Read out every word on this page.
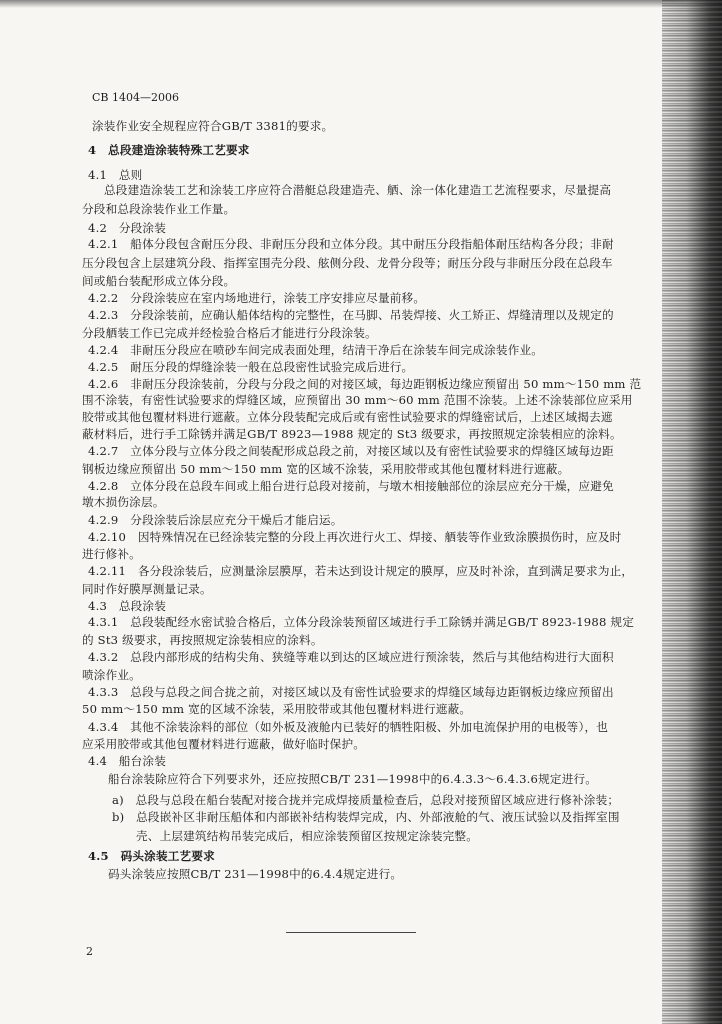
CB 1404—2006
涂装作业安全规程应符合GB/T 3381的要求。
4　总段建造涂装特殊工艺要求
4.1　总则
总段建造涂装工艺和涂装工序应符合潜艇总段建造壳、舾、涂一体化建造工艺流程要求，尽量提高
分段和总段涂装作业工作量。
4.2　分段涂装
4.2.1　船体分段包含耐压分段、非耐压分段和立体分段。其中耐压分段指船体耐压结构各分段；非耐
压分段包含上层建筑分段、指挥室围壳分段、舷侧分段、龙骨分段等；耐压分段与非耐压分段在总段车
间或船台装配形成立体分段。
4.2.2　分段涂装应在室内场地进行，涂装工序安排应尽量前移。
4.2.3　分段涂装前，应确认船体结构的完整性，在马脚、吊装焊接、火工矫正、焊缝清理以及规定的
分段舾装工作已完成并经检验合格后才能进行分段涂装。
4.2.4　非耐压分段应在喷砂车间完成表面处理，结清干净后在涂装车间完成涂装作业。
4.2.5　耐压分段的焊缝涂装一般在总段密性试验完成后进行。
4.2.6　非耐压分段涂装前，分段与分段之间的对接区域，每边距钢板边缘应预留出 50 mm～150 mm 范
围不涂装，有密性试验要求的焊缝区域，应预留出 30 mm～60 mm 范围不涂装。上述不涂装部位应采用
胶带或其他包覆材料进行遮蔽。立体分段装配完成后或有密性试验要求的焊缝密试后，上述区域揭去遮
蔽材料后，进行手工除锈并满足GB/T 8923—1988 规定的 St3 级要求，再按照规定涂装相应的涂料。
4.2.7　立体分段与立体分段之间装配形成总段之前，对接区域以及有密性试验要求的焊缝区域每边距
钢板边缘应预留出 50 mm～150 mm 宽的区域不涂装，采用胶带或其他包覆材料进行遮蔽。
4.2.8　立体分段在总段车间或上船台进行总段对接前，与墩木相接触部位的涂层应充分干燥，应避免
墩木损伤涂层。
4.2.9　分段涂装后涂层应充分干燥后才能启运。
4.2.10　因特殊情况在已经涂装完整的分段上再次进行火工、焊接、舾装等作业致涂膜损伤时，应及时
进行修补。
4.2.11　各分段涂装后，应测量涂层膜厚，若未达到设计规定的膜厚，应及时补涂，直到满足要求为止，
同时作好膜厚测量记录。
4.3　总段涂装
4.3.1　总段装配经水密试验合格后，立体分段涂装预留区域进行手工除锈并满足GB/T 8923-1988 规定
的 St3 级要求，再按照规定涂装相应的涂料。
4.3.2　总段内部形成的结构尖角、狭缝等难以到达的区域应进行预涂装，然后与其他结构进行大面积
喷涂作业。
4.3.3　总段与总段之间合拢之前，对接区域以及有密性试验要求的焊缝区域每边距钢板边缘应预留出
50 mm～150 mm 宽的区域不涂装，采用胶带或其他包覆材料进行遮蔽。
4.3.4　其他不涂装涂料的部位（如外板及液舱内已装好的牺牲阳极、外加电流保护用的电极等），也
应采用胶带或其他包覆材料进行遮蔽，做好临时保护。
4.4　船台涂装
船台涂装除应符合下列要求外，还应按照CB/T 231—1998中的6.4.3.3～6.4.3.6规定进行。
a)　总段与总段在船台装配对接合拢并完成焊接质量检查后，总段对接预留区域应进行修补涂装；
b)　总段嵌补区非耐压船体和内部嵌补结构装焊完成，内、外部液舱的气、液压试验以及指挥室围
壳、上层建筑结构吊装完成后，相应涂装预留区按规定涂装完整。
4.5　码头涂装工艺要求
码头涂装应按照CB/T 231—1998中的6.4.4规定进行。
2
